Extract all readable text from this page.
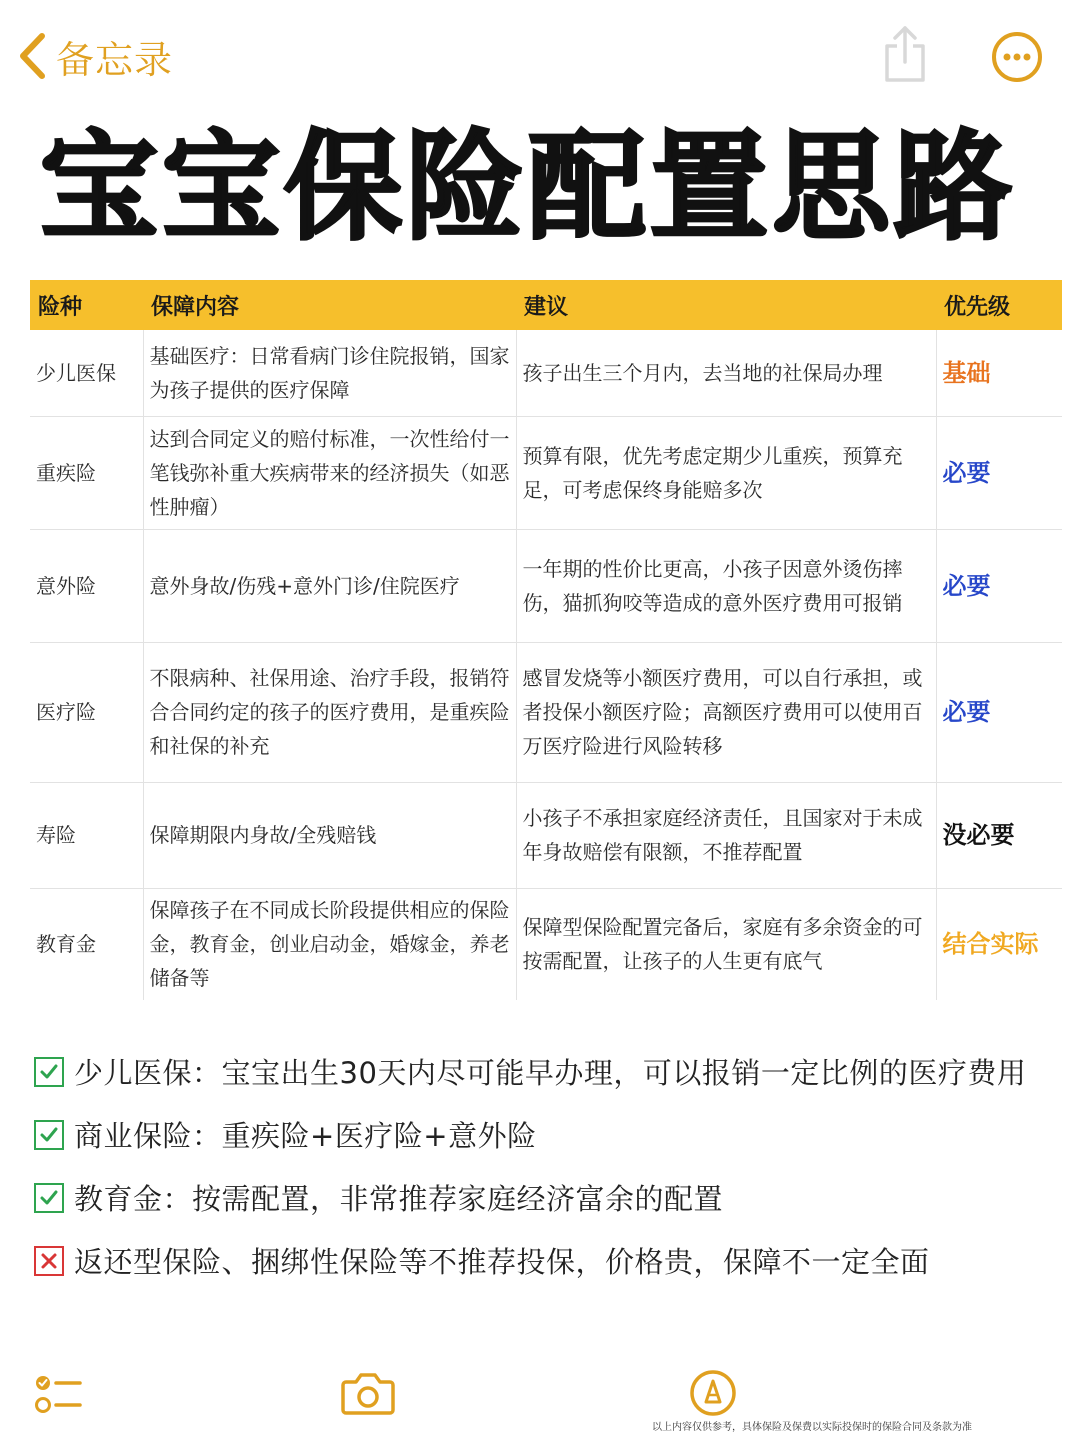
备忘录
宝宝保险配置思路
险种	保障内容	建议	优先级
少儿医保	基础医疗：日常看病门诊住院报销，国家为孩子提供的医疗保障	孩子出生三个月内，去当地的社保局办理	基础
重疾险	达到合同定义的赔付标准，一次性给付一笔钱弥补重大疾病带来的经济损失（如恶性肿瘤）	预算有限，优先考虑定期少儿重疾，预算充足，可考虑保终身能赔多次	必要
意外险	意外身故/伤残+意外门诊/住院医疗	一年期的性价比更高，小孩子因意外烫伤摔伤，猫抓狗咬等造成的意外医疗费用可报销	必要
医疗险	不限病种、社保用途、治疗手段，报销符合合同约定的孩子的医疗费用，是重疾险和社保的补充	感冒发烧等小额医疗费用，可以自行承担，或者投保小额医疗险；高额医疗费用可以使用百万医疗险进行风险转移	必要
寿险	保障期限内身故/全残赔钱	小孩子不承担家庭经济责任，且国家对于未成年身故赔偿有限额，不推荐配置	没必要
教育金	保障孩子在不同成长阶段提供相应的保险金，教育金，创业启动金，婚嫁金，养老储备等	保障型保险配置完备后，家庭有多余资金的可按需配置，让孩子的人生更有底气	结合实际
少儿医保：宝宝出生30天内尽可能早办理，可以报销一定比例的医疗费用
商业保险：重疾险+医疗险+意外险
教育金：按需配置，非常推荐家庭经济富余的配置
返还型保险、捆绑性保险等不推荐投保，价格贵，保障不一定全面
以上内容仅供参考，具体保险及保费以实际投保时的保险合同及条款为准
